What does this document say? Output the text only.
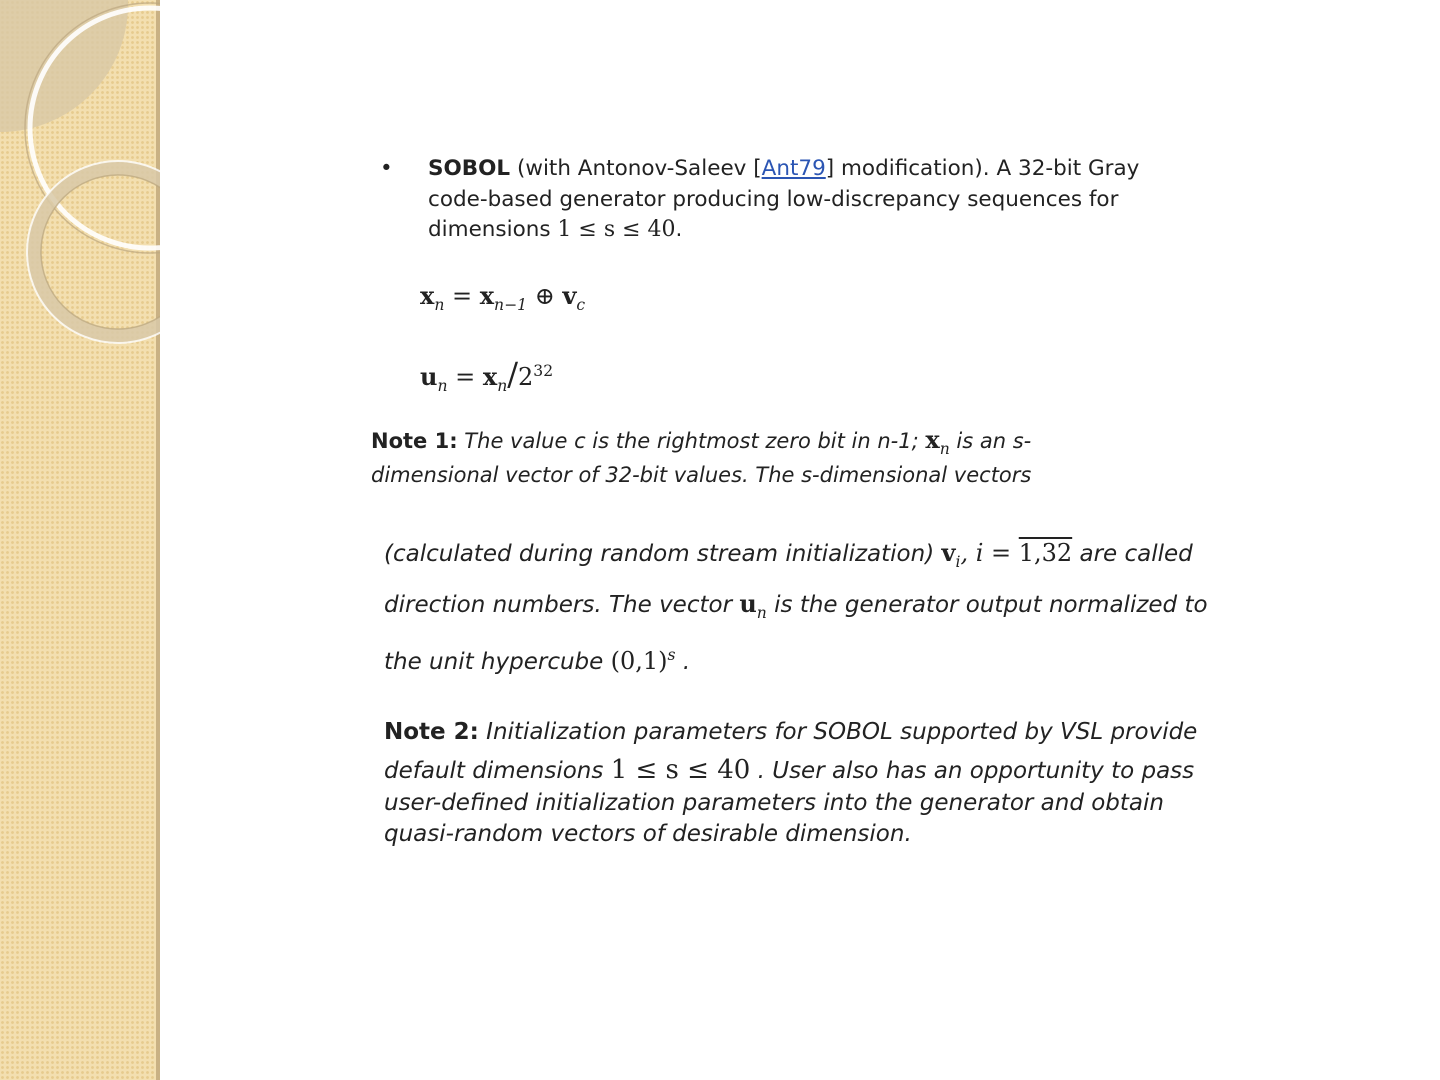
• SOBOL (with Antonov-Saleev [Ant79] modification). A 32-bit Gray
code-based generator producing low-discrepancy sequences for
dimensions 1 ≤ s ≤ 40.
$x_n = x_{n-1}$ ⊕ $v_c$
$u_n = x_n/2^{32}$
Note 1: The value c is the rightmost zero bit in n-1; $x_n$ is an s-
dimensional vector of 32-bit values. The s-dimensional vectors
(calculated during random stream initialization) $v_i$, i = 1,32 are called
direction numbers. The vector $u_n$ is the generator output normalized to
the unit hypercube $(0,1)^s$ .
Note 2: Initialization parameters for SOBOL supported by VSL provide
default dimensions 1 ≤ s ≤ 40 . User also has an opportunity to pass
user-defined initialization parameters into the generator and obtain
quasi-random vectors of desirable dimension.
